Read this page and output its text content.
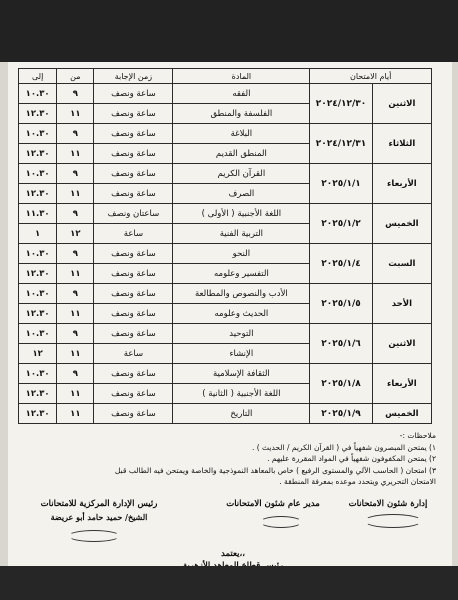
أيام الامتحان		المادة	زمن الإجابة	من	إلى
الاثنين	٢٠٢٤/١٢/٣٠	الفقه	ساعة ونصف	٩	١٠.٣٠
		الفلسفة والمنطق	ساعة ونصف	١١	١٢.٣٠
الثلاثاء	٢٠٢٤/١٢/٣١	البلاغة	ساعة ونصف	٩	١٠.٣٠
		المنطق القديم	ساعة ونصف	١١	١٢.٣٠
الأربعاء	٢٠٢٥/١/١	القرآن الكريم	ساعة ونصف	٩	١٠.٣٠
		الصرف	ساعة ونصف	١١	١٢.٣٠
الخميس	٢٠٢٥/١/٢	اللغة الأجنبية ( الأولى )	ساعتان ونصف	٩	١١.٣٠
		التربية الفنية	ساعة	١٢	١
السبت	٢٠٢٥/١/٤	النحو	ساعة ونصف	٩	١٠.٣٠
		التفسير وعلومه	ساعة ونصف	١١	١٢.٣٠
الأحد	٢٠٢٥/١/٥	الأدب والنصوص والمطالعة	ساعة ونصف	٩	١٠.٣٠
		الحديث وعلومه	ساعة ونصف	١١	١٢.٣٠
الاثنين	٢٠٢٥/١/٦	التوحيد	ساعة ونصف	٩	١٠.٣٠
		الإنشاء	ساعة	١١	١٢
الأربعاء	٢٠٢٥/١/٨	الثقافة الإسلامية	ساعة ونصف	٩	١٠.٣٠
		اللغة الأجنبية ( الثانية )	ساعة ونصف	١١	١٢.٣٠
الخميس	٢٠٢٥/١/٩	التاريخ	ساعة ونصف	١١	١٢.٣٠

ملاحظات :-

١) يمتحن المبصرون شفهياً في ( القرآن الكريم / الحديث ) .

٢) يمتحن المكفوفون شفهياً في المواد المقررة عليهم .

٣) امتحان ( الحاسب الآلي والمستوى الرفيع ) خاص بالمعاهد النموذجية والخاصة ويمتحن فيه الطالب قبل

الامتحان التحريري ويتحدد موعده بمعرفة المنطقة .

إدارة شئون الامتحانات
مدير عام شئون الامتحانات
رئيس الإدارة المركزية للامتحانات
الشيخ/ حميد حامد أبو عريضة
يعتمد،،
